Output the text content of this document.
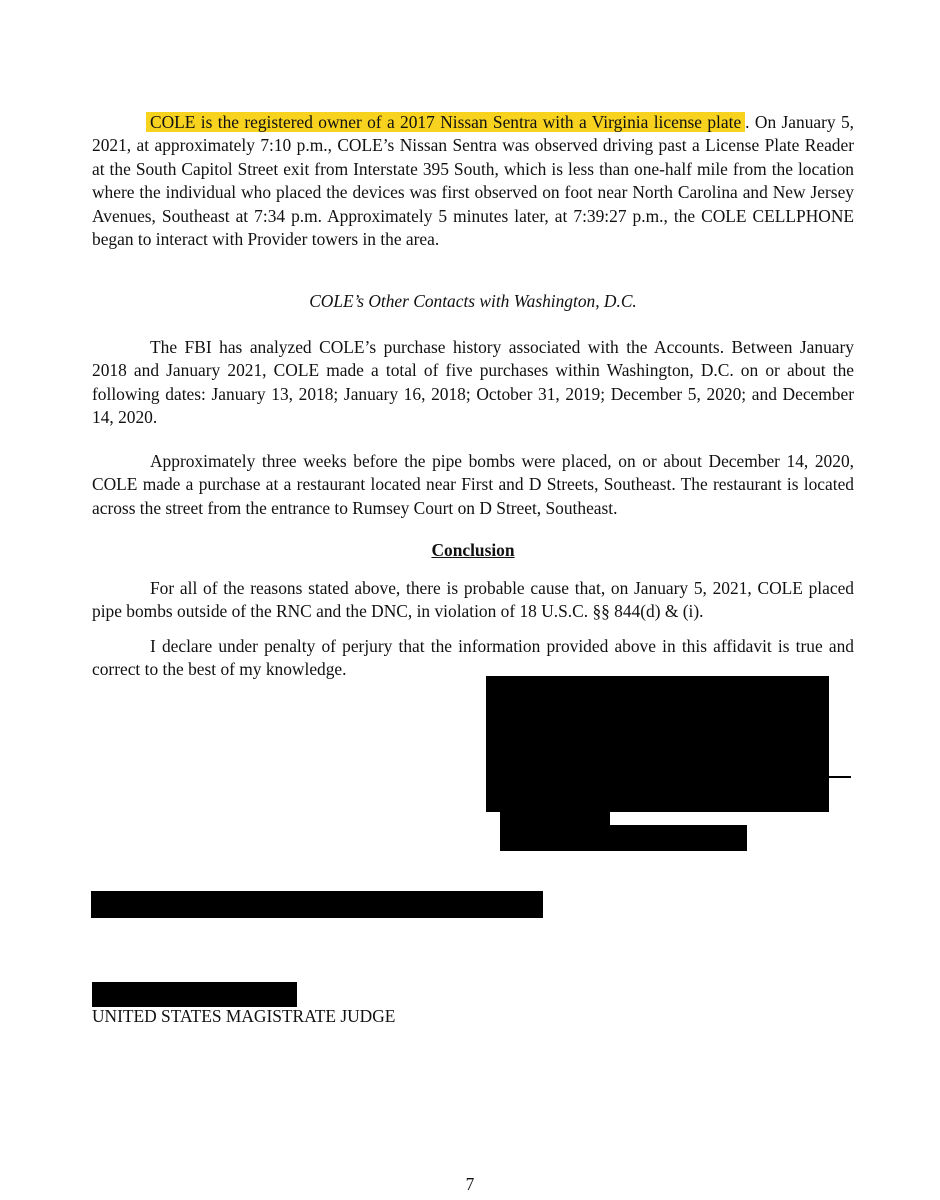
COLE is the registered owner of a 2017 Nissan Sentra with a Virginia license plate . On January 5, 2021, at approximately 7:10 p.m., COLE’s Nissan Sentra was observed driving past a License Plate Reader at the South Capitol Street exit from Interstate 395 South, which is less than one-half mile from the location where the individual who placed the devices was first observed on foot near North Carolina and New Jersey Avenues, Southeast at 7:34 p.m. Approximately 5 minutes later, at 7:39:27 p.m., the COLE CELLPHONE began to interact with Provider towers in the area.

COLE’s Other Contacts with Washington, D.C.

The FBI has analyzed COLE’s purchase history associated with the Accounts. Between January 2018 and January 2021, COLE made a total of five purchases within Washington, D.C. on or about the following dates: January 13, 2018; January 16, 2018; October 31, 2019; December 5, 2020; and December 14, 2020.

Approximately three weeks before the pipe bombs were placed, on or about December 14, 2020, COLE made a purchase at a restaurant located near First and D Streets, Southeast. The restaurant is located across the street from the entrance to Rumsey Court on D Street, Southeast.

Conclusion

For all of the reasons stated above, there is probable cause that, on January 5, 2021, COLE placed pipe bombs outside of the RNC and the DNC, in violation of 18 U.S.C. §§ 844(d) & (i).

I declare under penalty of perjury that the information provided above in this affidavit is true and correct to the best of my knowledge.

UNITED STATES MAGISTRATE JUDGE

7
